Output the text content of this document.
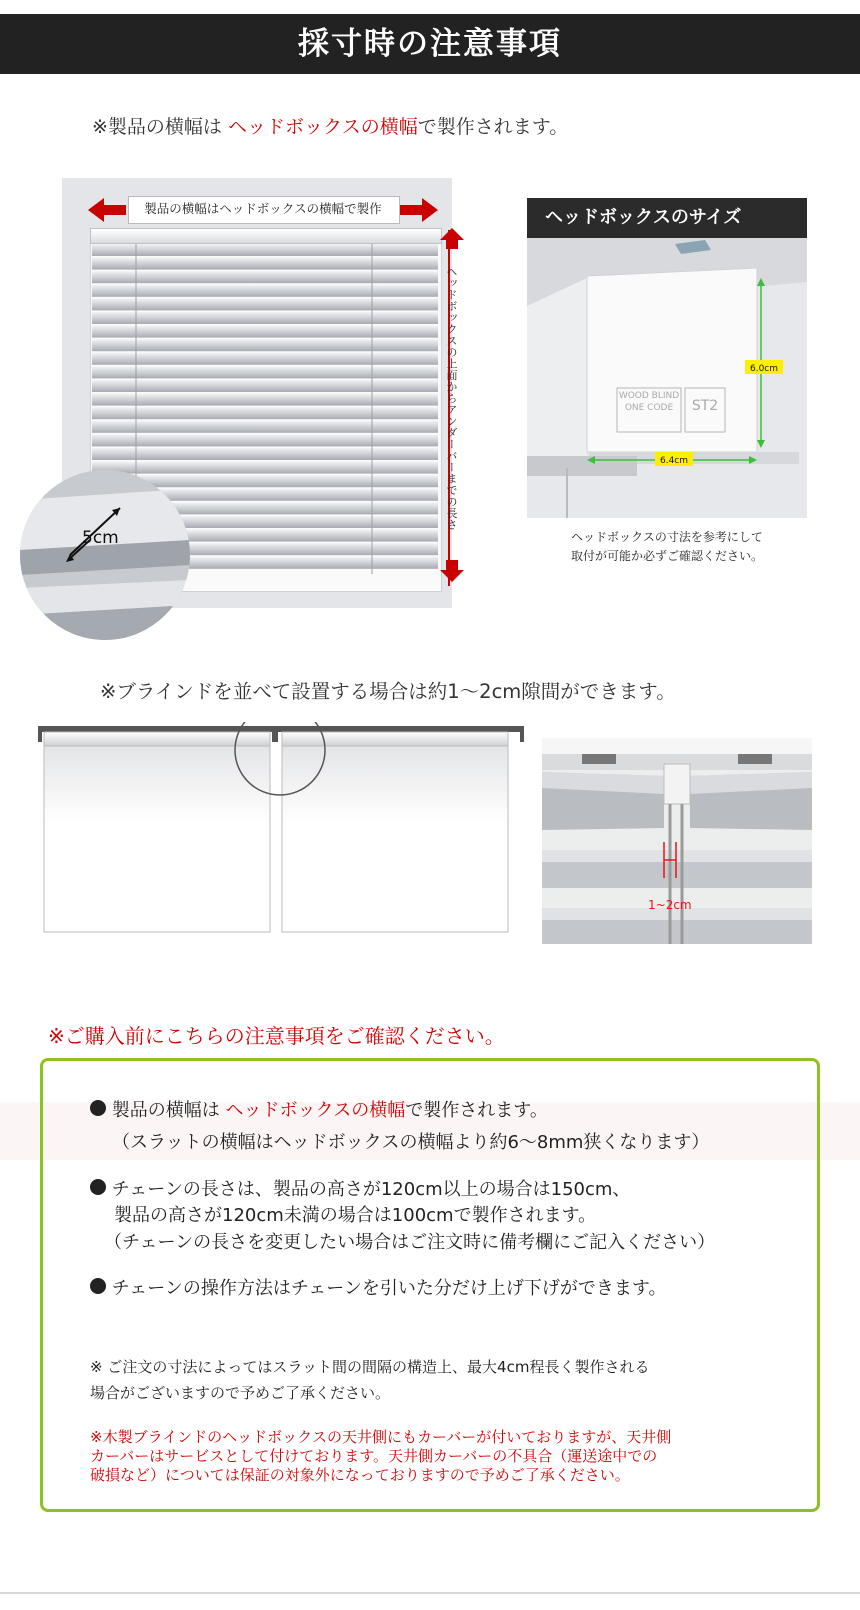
採寸時の注意事項
※製品の横幅は ヘッドボックスの横幅で製作されます。
製品の横幅はヘッドボックスの横幅で製作
ヘッドボックスの上面からアンダーバーまでの長さ
5cm
ヘッドボックスのサイズ
WOOD BLIND
ONE CODE	ST2
6.0cm
6.4cm
ヘッドボックスの寸法を参考にして
取付が可能か必ずご確認ください。
※ブラインドを並べて設置する場合は約1～2cm隙間ができます。
1~2cm
※ご購入前にこちらの注意事項をご確認ください。
製品の横幅は ヘッドボックスの横幅で製作されます。
（スラットの横幅はヘッドボックスの横幅より約6～8mm狭くなります）
チェーンの長さは、製品の高さが120cm以上の場合は150cm、
製品の高さが120cm未満の場合は100cmで製作されます。
（チェーンの長さを変更したい場合はご注文時に備考欄にご記入ください）
チェーンの操作方法はチェーンを引いた分だけ上げ下げができます。
※ ご注文の寸法によってはスラット間の間隔の構造上、最大4cm程長く製作される
場合がございますので予めご了承ください。
※木製ブラインドのヘッドボックスの天井側にもカーバーが付いておりますが、天井側
カーバーはサービスとして付けております。天井側カーバーの不具合（運送途中での
破損など）については保証の対象外になっておりますので予めご了承ください。
